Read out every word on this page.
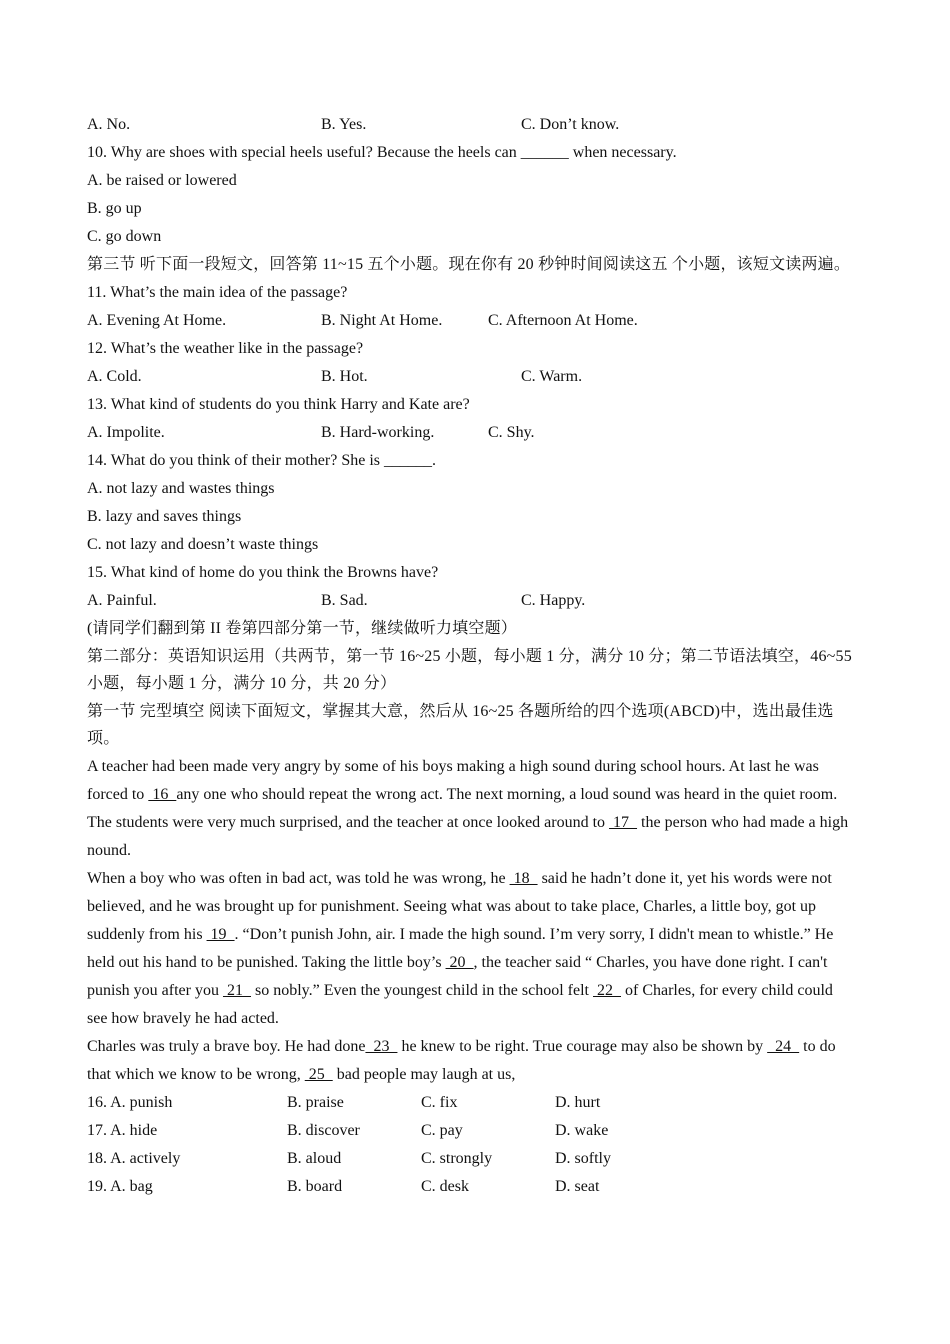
A. No.	B. Yes.	C. Don’t know.
10. Why are shoes with special heels useful? Because the heels can ______ when necessary.
A. be raised or lowered
B. go up
C. go down
第三节 听下面一段短文，回答第 11~15 五个小题。现在你有 20 秒钟时间阅读这五 个小题，该短文读两遍。
11. What’s the main idea of the passage?
A. Evening At Home.	B. Night At Home.	C. Afternoon At Home.
12. What’s the weather like in the passage?
A. Cold.	B. Hot.	C. Warm.
13. What kind of students do you think Harry and Kate are?
A. Impolite.	B. Hard-working.	C. Shy.
14. What do you think of their mother? She is ______.
A. not lazy and wastes things
B. lazy and saves things
C. not lazy and doesn’t waste things
15. What kind of home do you think the Browns have?
A. Painful.	B. Sad.	C. Happy.
(请同学们翻到第 II 卷第四部分第一节，继续做听力填空题）
第二部分：英语知识运用（共两节，第一节 16~25 小题，每小题 1 分，满分 10 分；第二节语法填空，46~55 小题，每小题 1 分，满分 10 分，共 20 分）
第一节 完型填空 阅读下面短文，掌握其大意，然后从 16~25 各题所给的四个选项(ABCD)中，选出最佳选项。
A teacher had been made very angry by some of his boys making a high sound during school hours. At last he was forced to  16  any one who should repeat the wrong act. The next morning, a loud sound was heard in the quiet room. The students were very much surprised, and the teacher at once looked around to  17   the person who had made a high nound.
When a boy who was often in bad act, was told he was wrong, he  18   said he hadn’t done it, yet his words were not believed, and he was brought up for punishment. Seeing what was about to take place, Charles, a little boy, got up suddenly from his  19  . “Don’t punish John, air. I made the high sound. I’m very sorry, I didn't mean to whistle.” He held out his hand to be punished. Taking the little boy’s  20  , the teacher said “ Charles, you have done right. I can't punish you after you  21   so nobly.” Even the youngest child in the school felt  22   of Charles, for every child could see how bravely he had acted.
Charles was truly a brave boy. He had done  23   he knew to be right. True courage may also be shown by   24   to do that which we know to be wrong,  25   bad people may laugh at us,
16. A. punish	B. praise	C. fix	D. hurt
17. A. hide	B. discover	C. pay	D. wake
18. A. actively	B. aloud	C. strongly	D. softly
19. A. bag	B. board	C. desk	D. seat
